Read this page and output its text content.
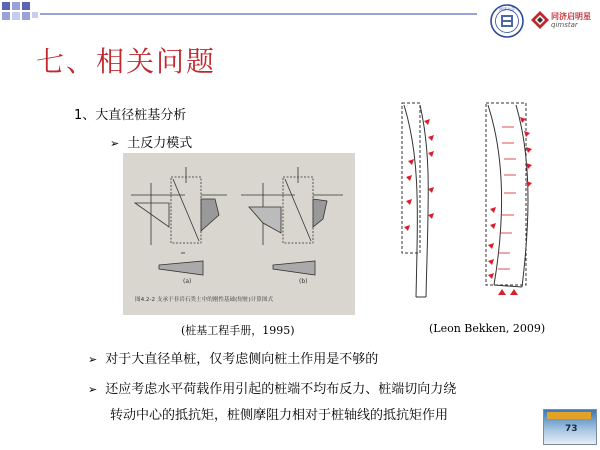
同济大学
同济启明星
qimstar
七、相关问题
1、大直径桩基分析
➢ 土反力模式
(a)	(b)
图4.2-2 支承于非岩石类土中的刚性基础(短桩)计算图式
(桩基工程手册，1995)	(Leon Bekken, 2009)
➢ 对于大直径单桩，仅考虑侧向桩土作用是不够的
➢ 还应考虑水平荷载作用引起的桩端不均布反力、桩端切向力绕
转动中心的抵抗矩，桩侧摩阻力相对于桩轴线的抵抗矩作用
73
